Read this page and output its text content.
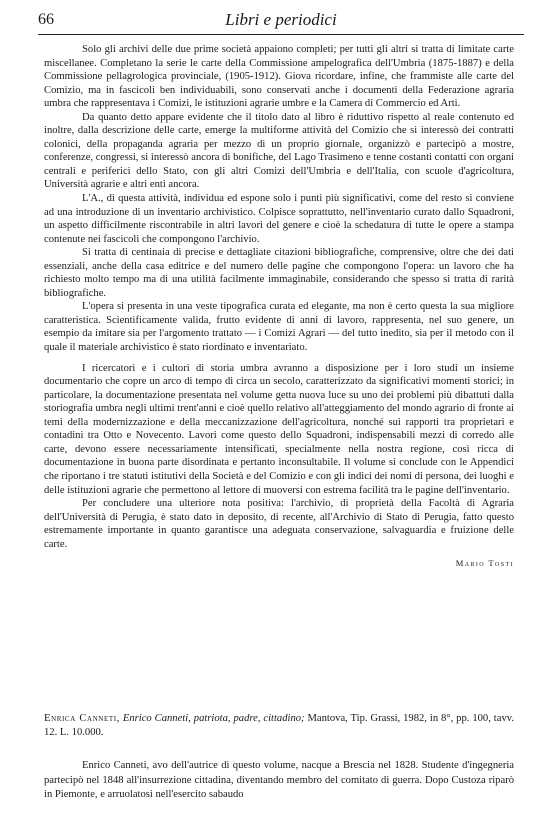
66	Libri e periodici

Solo gli archivi delle due prime società appaiono completi; per tutti gli altri si tratta di limitate carte miscellanee. Completano la serie le carte della Commissione ampelografica dell'Umbria (1875-1887) e della Commissione pellagrologica provinciale, (1905-1912). Giova ricordare, infine, che frammiste alle carte del Comizio, ma in fascicoli ben individuabili, sono conservati anche i documenti della Federazione agraria umbra che rappresentava i Comizi, le istituzioni agrarie umbre e la Camera di Commercio ed Arti.

Da quanto detto appare evidente che il titolo dato al libro è riduttivo rispetto al reale contenuto ed inoltre, dalla descrizione delle carte, emerge la multiforme attività del Comizio che si interessò dei contratti colonici, della propaganda agraria per mezzo di un proprio giornale, organizzò e partecipò a mostre, conferenze, congressi, si interessò ancora di bonifiche, del Lago Trasimeno e tenne costanti contatti con organi centrali e periferici dello Stato, con gli altri Comizi dell'Umbria e dell'Italia, con scuole d'agricoltura, Università agrarie e altri enti ancora.

L'A., di questa attività, individua ed espone solo i punti più significativi, come del resto si conviene ad una introduzione di un inventario archivistico. Colpisce soprattutto, nell'inventario curato dallo Squadroni, un aspetto difficilmente riscontrabile in altri lavori del genere e cioè la schedatura di tutte le opere a stampa contenute nei fascicoli che compongono l'archivio.

Si tratta di centinaia di precise e dettagliate citazioni bibliografiche, comprensive, oltre che dei dati essenziali, anche della casa editrice e del numero delle pagine che compongono l'opera: un lavoro che ha richiesto molto tempo ma di una utilità facilmente immaginabile, considerando che spesso si tratta di rarità bibliografiche.

L'opera si presenta in una veste tipografica curata ed elegante, ma non è certo questa la sua migliore caratteristica. Scientificamente valida, frutto evidente di anni di lavoro, rappresenta, nel suo genere, un esempio da imitare sia per l'argomento trattato — i Comizi Agrari — del tutto inedito, sia per il metodo con il quale il materiale archivistico è stato riordinato e inventariato.

I ricercatori e i cultori di storia umbra avranno a disposizione per i loro studi un insieme documentario che copre un arco di tempo di circa un secolo, caratterizzato da significativi momenti storici; in particolare, la documentazione presentata nel volume getta nuova luce su uno dei problemi più dibattuti dalla storiografia umbra negli ultimi trent'anni e cioè quello relativo all'atteggiamento del mondo agrario di fronte ai temi della modernizzazione e della meccanizzazione dell'agricoltura, nonché sui rapporti tra proprietari e contadini tra Otto e Novecento. Lavori come questo dello Squadroni, indispensabili mezzi di corredo alle carte, devono essere necessariamente intensificati, specialmente nella nostra regione, così ricca di documentazione in buona parte disordinata e pertanto inconsultabile. Il volume si conclude con le Appendici che riportano i tre statuti istitutivi della Società e del Comizio e con gli indici dei nomi di persona, dei luoghi e delle istituzioni agrarie che permettono al lettore di muoversi con estrema facilità tra le pagine dell'inventario.

Per concludere una ulteriore nota positiva: l'archivio, di proprietà della Facoltà di Agraria dell'Università di Perugia, è stato dato in deposito, di recente, all'Archivio di Stato di Perugia, fatto questo estremamente importante in quanto garantisce una adeguata conservazione, salvaguardia e fruizione delle carte.

Mario Tosti
Enrica Canneti, Enrico Canneti, patriota, padre, cittadino; Mantova, Tip. Grassi, 1982, in 8°, pp. 100, tavv. 12. L. 10.000.

Enrico Canneti, avo dell'autrice di questo volume, nacque a Brescia nel 1828. Studente d'ingegneria partecipò nel 1848 all'insurrezione cittadina, diventando membro del comitato di guerra. Dopo Custoza riparò in Piemonte, e arruolatosi nell'esercito sabaudo
